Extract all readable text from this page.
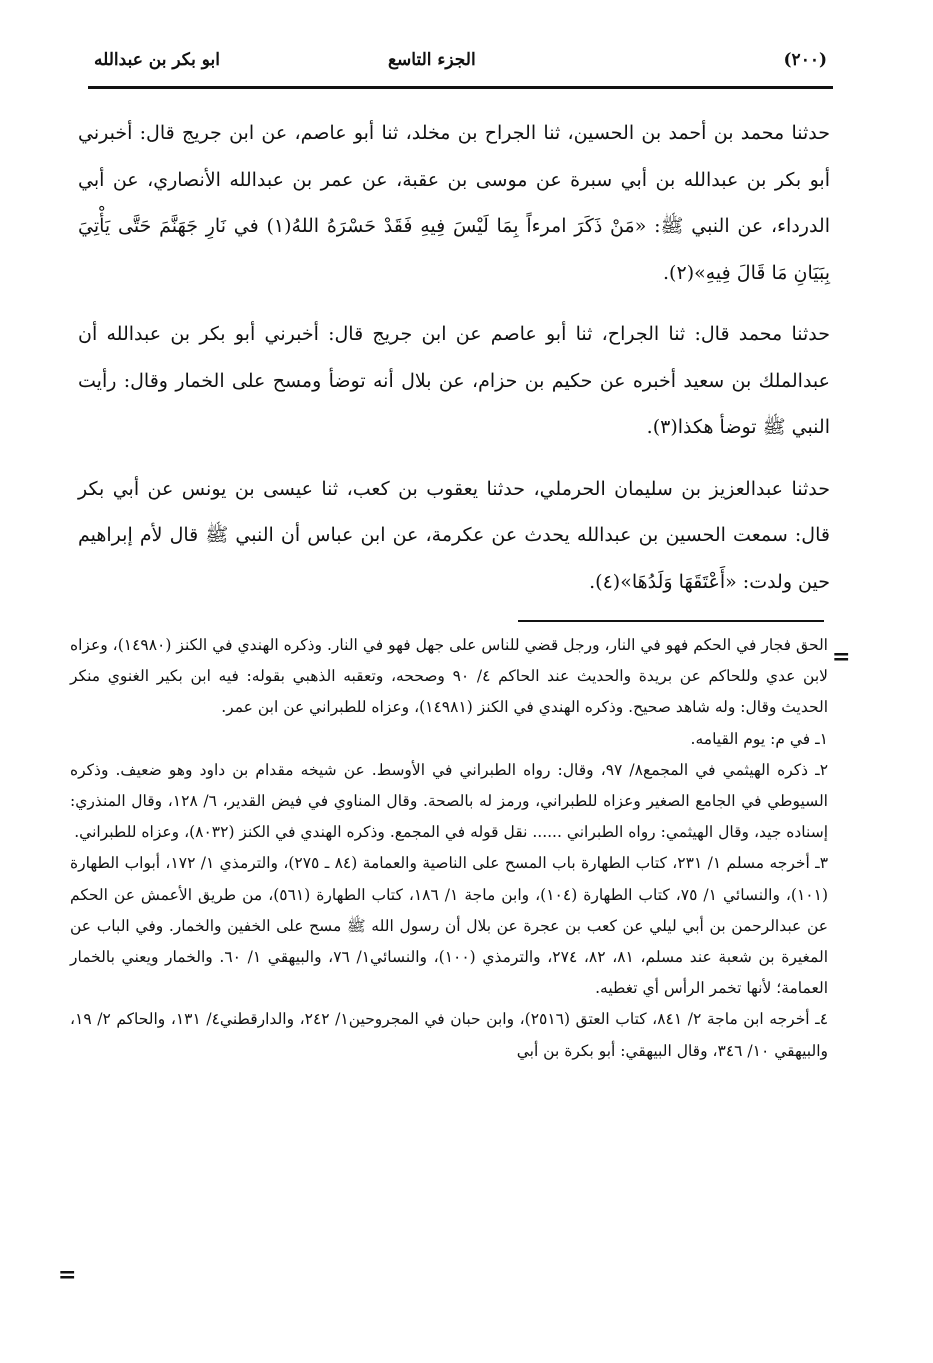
(۲۰۰)
الجزء التاسع
ابو بكر بن عبدالله

حدثنا محمد بن أحمد بن الحسين، ثنا الجراح بن مخلد، ثنا أبو عاصم، عن ابن جريج قال: أخبرني أبو بكر بن عبدالله بن أبي سبرة عن موسى بن عقبة، عن عمر بن عبدالله الأنصاري، عن أبي الدرداء، عن النبي ﷺ: «مَنْ ذَكَرَ امرءاً بِمَا لَيْسَ فِيهِ فَقَدْ حَسْرَهُ اللهُ(١) في نَارِ جَهَنَّمَ حَتَّى يَأْتِيَ بِبَيَانِ مَا قَالَ فِيهِ»(٢).

حدثنا محمد قال: ثنا الجراح، ثنا أبو عاصم عن ابن جريج قال: أخبرني أبو بكر بن عبدالله أن عبدالملك بن سعيد أخبره عن حكيم بن حزام، عن بلال أنه توضأ ومسح على الخمار وقال: رأيت النبي ﷺ توضأ هكذا(٣).

حدثنا عبدالعزيز بن سليمان الحرملي، حدثنا يعقوب بن كعب، ثنا عيسى بن يونس عن أبي بكر قال: سمعت الحسين بن عبدالله يحدث عن عكرمة، عن ابن عباس أن النبي ﷺ قال لأم إبراهيم حين ولدت: «أَعْتَقَهَا وَلَدُهَا»(٤).

=
=

الحق فجار في الحكم فهو في النار، ورجل قضي للناس على جهل فهو في النار. وذكره الهندي في الكنز (١٤٩٨٠)، وعزاه لابن عدي وللحاكم عن بريدة والحديث عند الحاكم ٤/ ٩٠ وصححه، وتعقبه الذهبي بقوله: فيه ابن بكير الغنوي منكر الحديث وقال: وله شاهد صحيح. وذكره الهندي في الكنز (١٤٩٨١)، وعزاه للطبراني عن ابن عمر.

١ـ في م: يوم القيامه.

٢ـ ذكره الهيثمي في المجمع٨/ ٩٧، وقال: رواه الطبراني في الأوسط. عن شيخه مقدام بن داود وهو ضعيف. وذكره السيوطي في الجامع الصغير وعزاه للطبراني، ورمز له بالصحة. وقال المناوي في فيض القدير، ٦/ ١٢٨، وقال المنذري: إسناده جيد، وقال الهيثمي: رواه الطبراني ...... نقل قوله في المجمع. وذكره الهندي في الكنز (٨٠٣٢)، وعزاه للطبراني.

٣ـ أخرجه مسلم ١/ ٢٣١، كتاب الطهارة باب المسح على الناصية والعمامة (٨٤ ـ ٢٧٥)، والترمذي ١/ ١٧٢، أبواب الطهارة (١٠١)، والنسائي ١/ ٧٥، كتاب الطهارة (١٠٤)، وابن ماجة ١/ ١٨٦، كتاب الطهارة (٥٦١)، من طريق الأعمش عن الحكم عن عبدالرحمن بن أبي ليلي عن كعب بن عجرة عن بلال أن رسول الله ﷺ مسح على الخفين والخمار. وفي الباب عن المغيرة بن شعبة عند مسلم، ٨١، ٨٢، ٢٧٤، والترمذي (١٠٠)، والنسائي١/ ٧٦، والبيهقي ١/ ٦٠. والخمار ويعني بالخمار العمامة؛ لأنها تخمر الرأس أي تغطيه.

٤ـ أخرجه ابن ماجة ٢/ ٨٤١، كتاب العتق (٢٥١٦)، وابن حبان في المجروحين١/ ٢٤٢، والدارقطني٤/ ١٣١، والحاكم ٢/ ١٩، والبيهقي ١٠/ ٣٤٦، وقال البيهقي: أبو بكرة بن أبي
